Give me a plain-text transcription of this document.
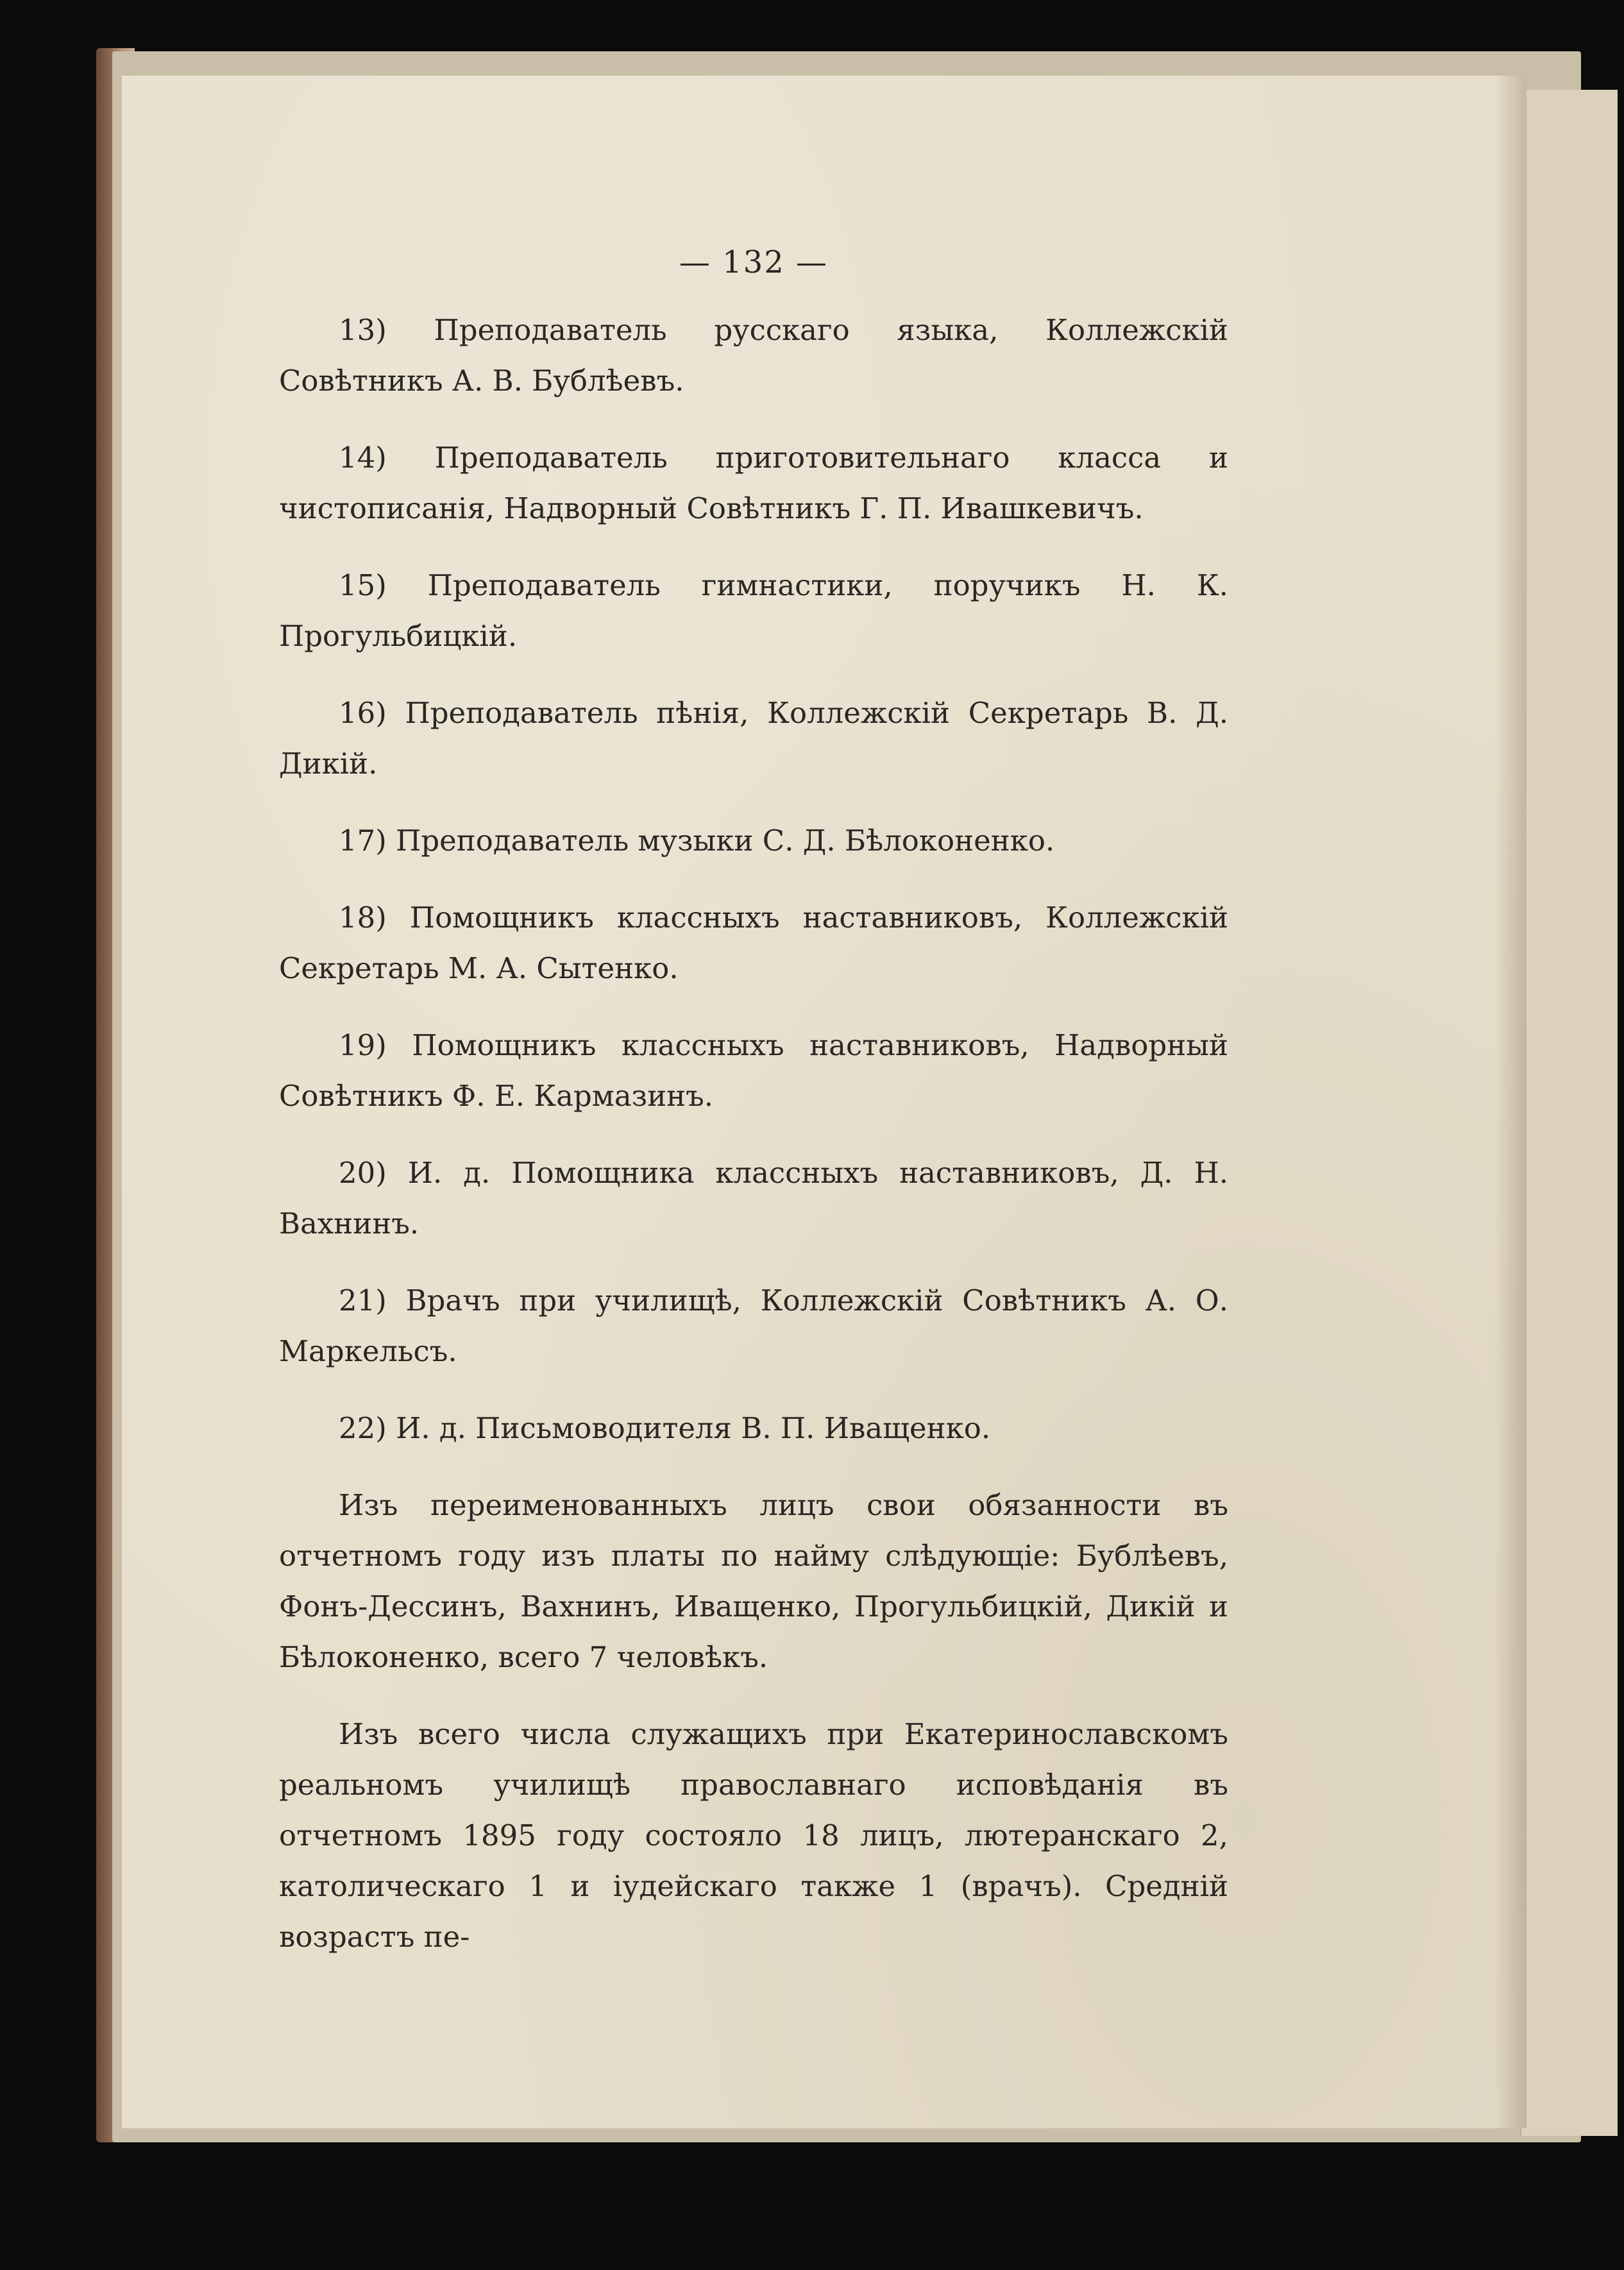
— 132 —

13) Преподаватель русскаго языка, Коллежскій Совѣтникъ А. В. Бублѣевъ.

14) Преподаватель приготовительнаго класса и чистописанія, Надворный Совѣтникъ Г. П. Ивашкевичъ.

15) Преподаватель гимнастики, поручикъ Н. К. Прогульбицкій.

16) Преподаватель пѣнія, Коллежскій Секретарь В. Д. Дикій.

17) Преподаватель музыки С. Д. Бѣлоконенко.

18) Помощникъ классныхъ наставниковъ, Коллежскій Секретарь М. А. Сытенко.

19) Помощникъ классныхъ наставниковъ, Надворный Совѣтникъ Ф. Е. Кармазинъ.

20) И. д. Помощника классныхъ наставниковъ, Д. Н. Вахнинъ.

21) Врачъ при училищѣ, Коллежскій Совѣтникъ А. О. Маркельсъ.

22) И. д. Письмоводителя В. П. Иващенко.

Изъ переименованныхъ лицъ свои обязанности въ отчетномъ году изъ платы по найму слѣдующіе: Бублѣевъ, Фонъ-Дессинъ, Вахнинъ, Иващенко, Прогульбицкій, Дикій и Бѣлоконенко, всего 7 человѣкъ.

Изъ всего числа служащихъ при Екатеринославскомъ реальномъ училищѣ православнаго исповѣданія въ отчетномъ 1895 году состояло 18 лицъ, лютеранскаго 2, католическаго 1 и іудейскаго также 1 (врачъ). Средній возрастъ пе-
